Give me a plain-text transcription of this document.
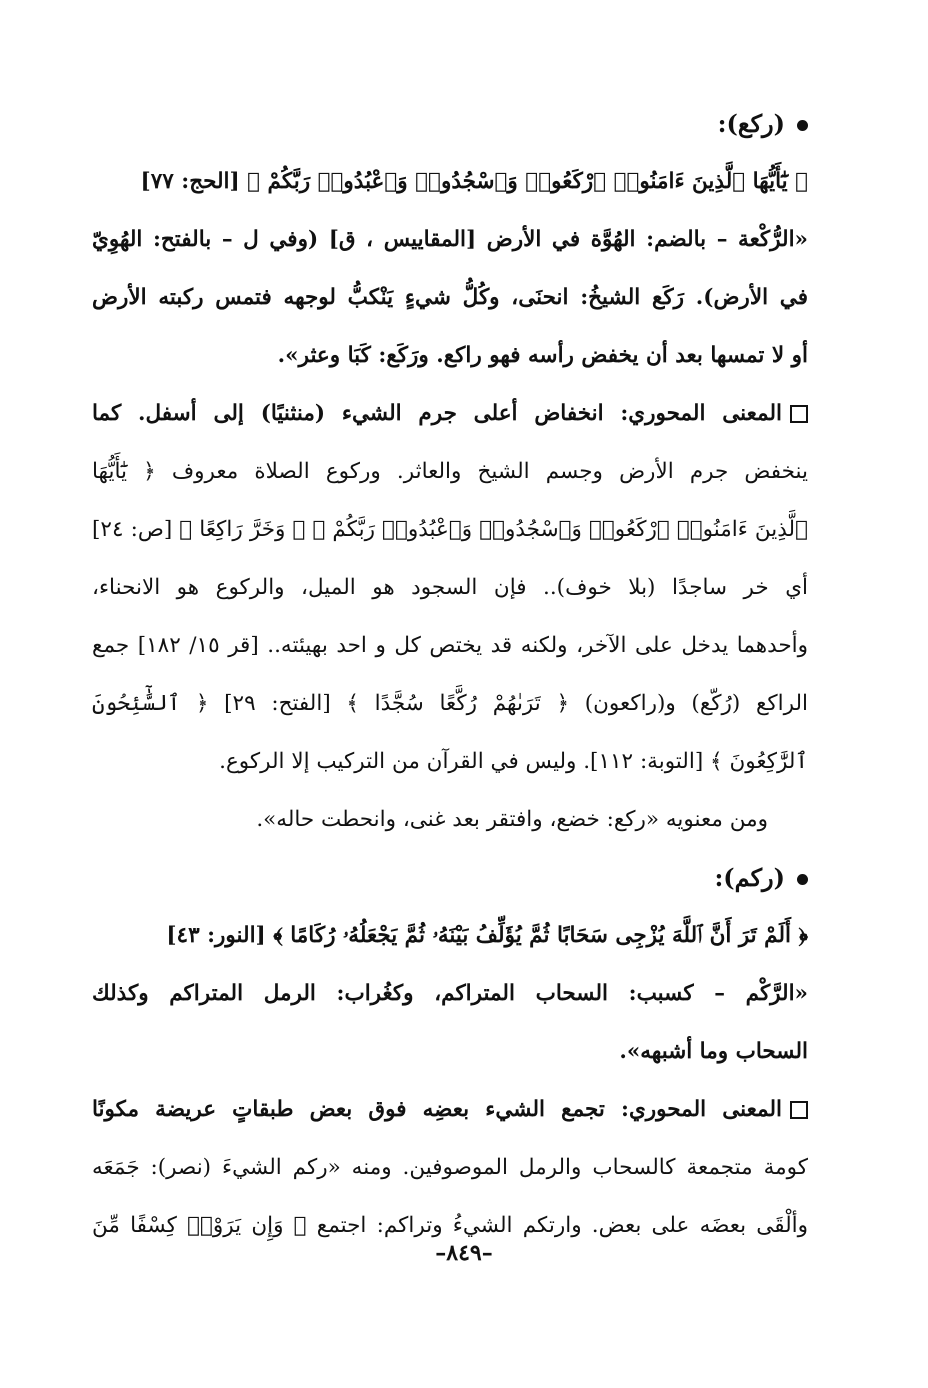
(ركع):
﴿ يَٰٓأَيُّهَا ٱلَّذِينَ ءَامَنُوا۟ ٱرْكَعُوا۟ وَٱسْجُدُوا۟ وَٱعْبُدُوا۟ رَبَّكُمْ ﴾ [الحج: ٧٧]
«الرُّكْعة – بالضم: الهُوَّة في الأرض [المقاييس ، ق] (وفي ل – بالفتح: الهُوِيّ
في الأرض). رَكَع الشيخُ: انحنَى، وكُلُّ شيءٍ يَنْكبُّ لوجهه فتمس ركبته الأرض
أو لا تمسها بعد أن يخفض رأسه فهو راكع. ورَكَع: كَبَا وعثر».
المعنى المحوري: انخفاض أعلى جرم الشيء (منثنيًا) إلى أسفل. كما
ينخفض جرم الأرض وجسم الشيخ والعاثر. وركوع الصلاة معروف ﴿ يَٰٓأَيُّهَا
ٱلَّذِينَ ءَامَنُوا۟ ٱرْكَعُوا۟ وَٱسْجُدُوا۟ وَٱعْبُدُوا۟ رَبَّكُمْ ﴾ ﴿ وَخَرَّ رَاكِعًا ﴾ [ص: ٢٤]
أي خر ساجدًا (بلا خوف).. فإن السجود هو الميل، والركوع هو الانحناء،
وأحدهما يدخل على الآخر، ولكنه قد يختص كل و احد بهيئته.. [قر ١٥/ ١٨٢] جمع
الراكع (رُكّع) و(راكعون) ﴿ تَرَىٰهُمْ رُكَّعًا سُجَّدًا ﴾ [الفتح: ٢٩] ﴿ ٱلسَّٰٓئِحُونَ
ٱلرَّٰكِعُونَ ﴾ [التوبة: ١١٢]. وليس في القرآن من التركيب إلا الركوع.
ومن معنويه «ركع: خضع، وافتقر بعد غنى، وانحطت حاله».
(ركم):
﴿ أَلَمْ تَرَ أَنَّ ٱللَّهَ يُزْجِى سَحَابًا ثُمَّ يُؤَلِّفُ بَيْنَهُۥ ثُمَّ يَجْعَلُهُۥ رُكَامًا ﴾ [النور: ٤٣]
«الرَّكْم – كسبب: السحاب المتراكم، وكغُراب: الرمل المتراكم وكذلك
السحاب وما أشبهه».
المعنى المحوري: تجمع الشيء بعضِه فوق بعض طبقاتٍ عريضة مكونًا
كومة متجمعة كالسحاب والرمل الموصوفين. ومنه «ركم الشيءَ (نصر): جَمَعَه
وألْقَى بعضَه على بعض. وارتكم الشيءُ وتراكم: اجتمع ﴿ وَإِن يَرَوْا۟ كِسْفًا مِّنَ
–٨٤٩–
